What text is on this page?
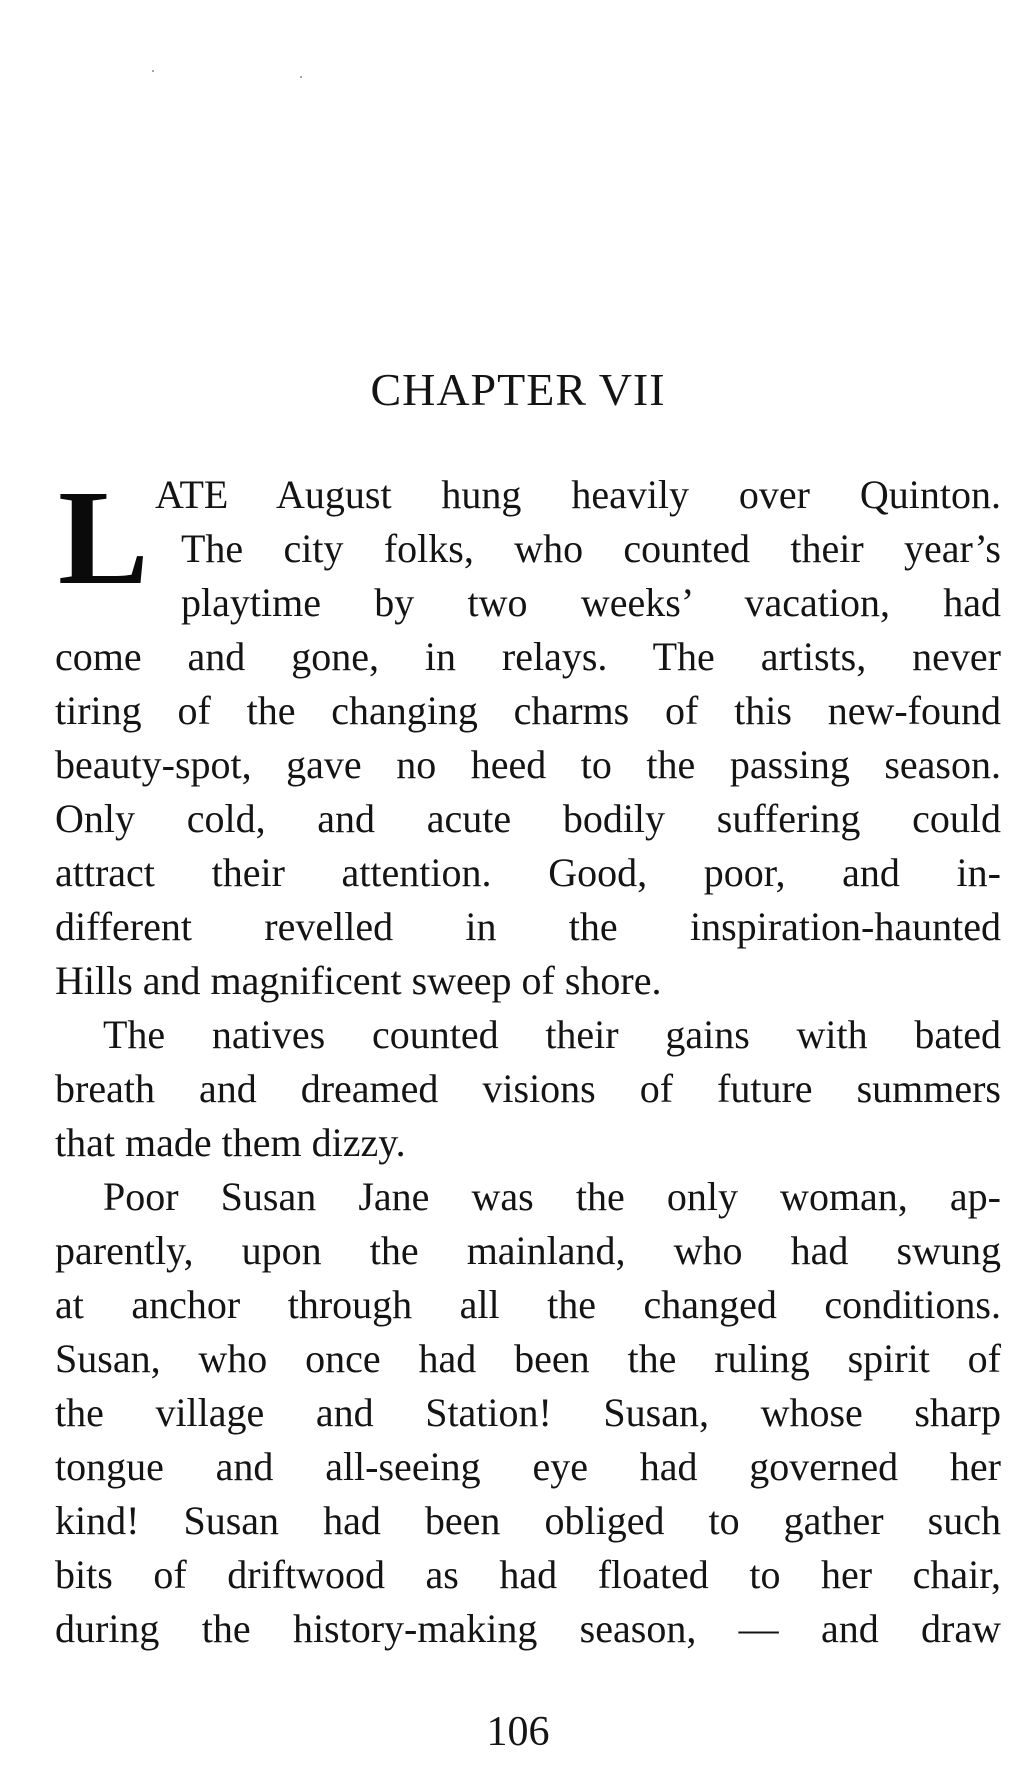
CHAPTER VII
L ATE August hung heavily over Quinton.
The city folks, who counted their year’s
playtime by two weeks’ vacation, had
come and gone, in relays. The artists, never
tiring of the changing charms of this new-found
beauty-spot, gave no heed to the passing season.
Only cold, and acute bodily suffering could
attract their attention. Good, poor, and in-
different revelled in the inspiration-haunted
Hills and magnificent sweep of shore.
The natives counted their gains with bated
breath and dreamed visions of future summers
that made them dizzy.
Poor Susan Jane was the only woman, ap-
parently, upon the mainland, who had swung
at anchor through all the changed conditions.
Susan, who once had been the ruling spirit of
the village and Station! Susan, whose sharp
tongue and all-seeing eye had governed her
kind! Susan had been obliged to gather such
bits of driftwood as had floated to her chair,
during the history-making season, — and draw
106
